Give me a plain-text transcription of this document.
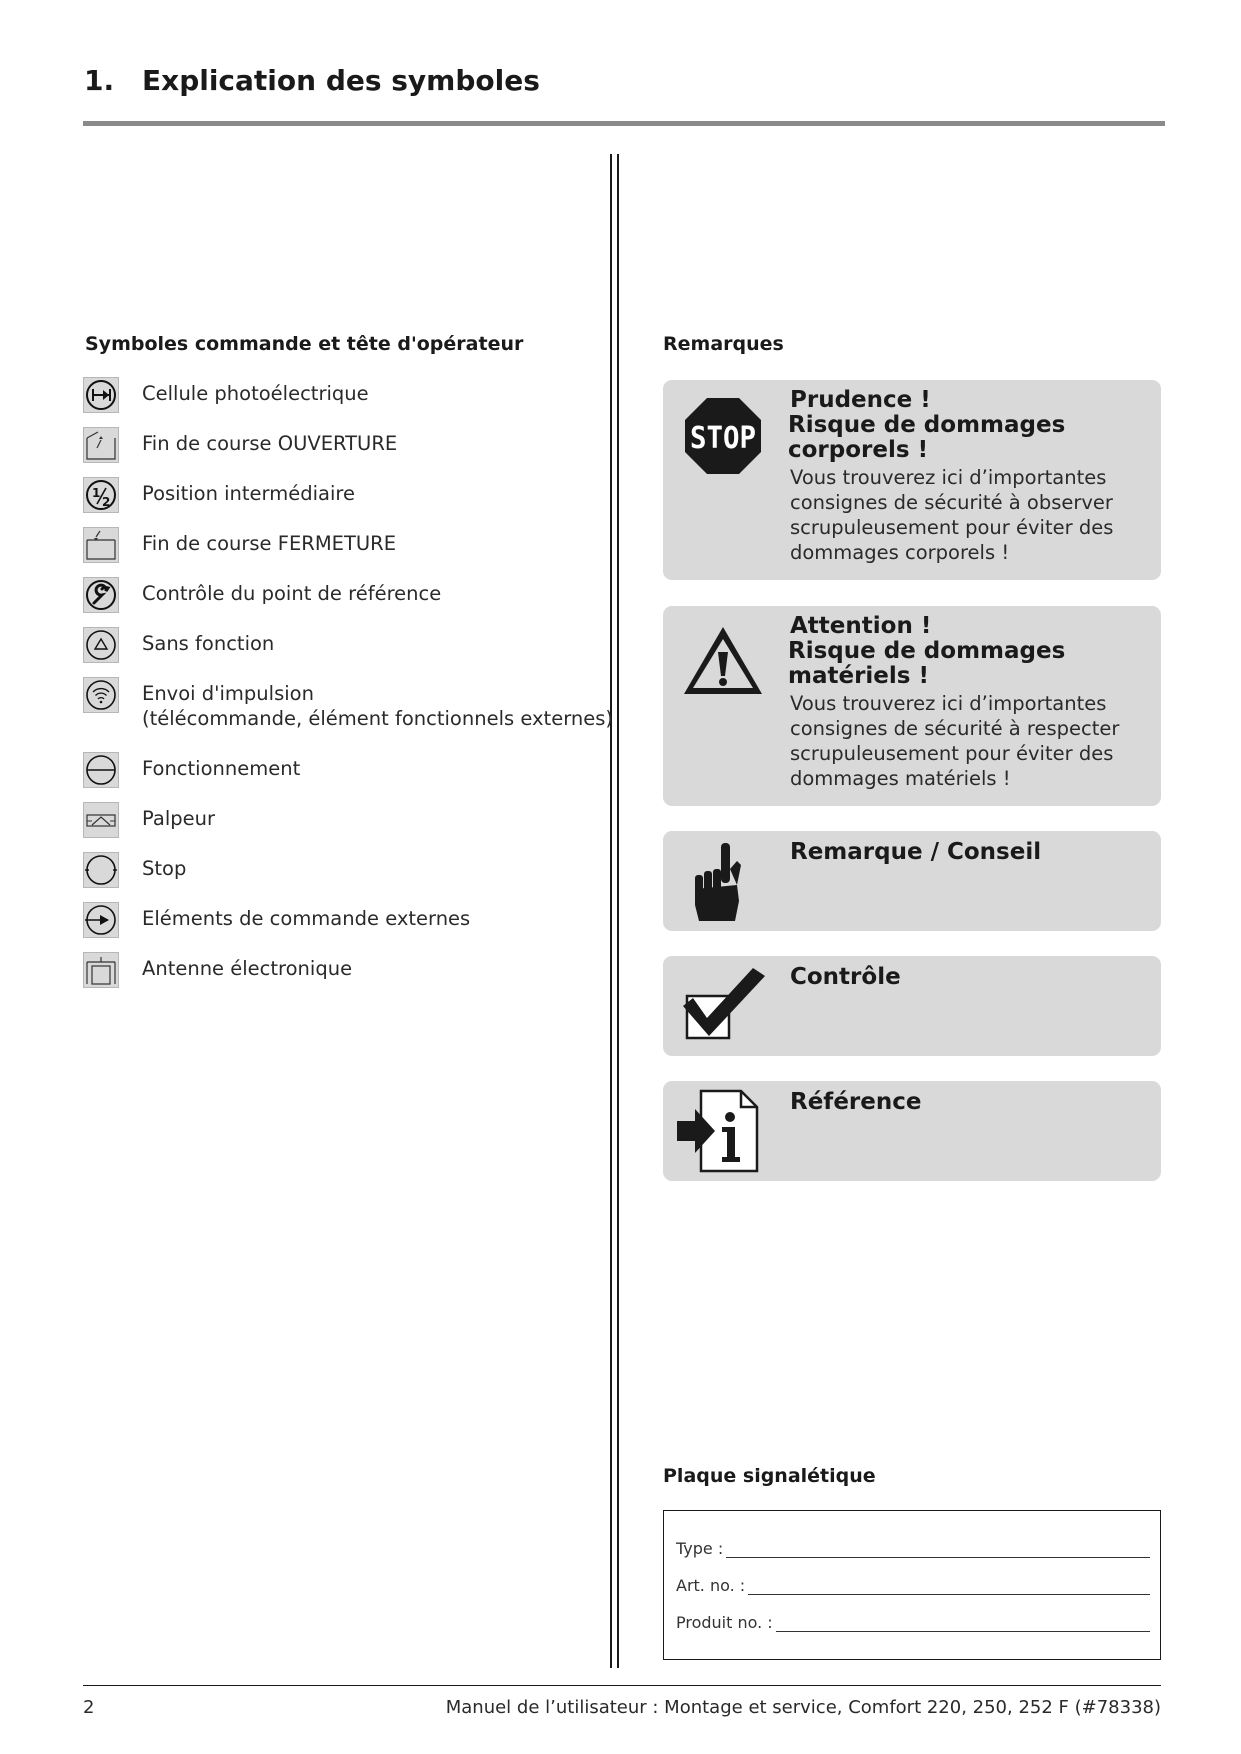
1. Explication des symboles
Symboles commande et tête d'opérateur
Cellule photoélectrique
Fin de course OUVERTURE
1
2 Position intermédiaire
Fin de course FERMETURE
Contrôle du point de référence
Sans fonction
Envoi d'impulsion
(télécommande, élément fonctionnels externes)
Fonctionnement
Palpeur
Stop
Eléments de commande externes
Antenne électronique
Remarques
STOP
Prudence !
Risque de dommages
corporels !
Vous trouverez ici d’importantes consignes de sécurité à observer scrupuleusement pour éviter des dommages corporels !
Attention !
Risque de dommages
matériels !
Vous trouverez ici d’importantes consignes de sécurité à respecter scrupuleusement pour éviter des dommages matériels !
Remarque / Conseil
Contrôle
Référence
Plaque signalétique
Type :
Art. no. :
Produit no. :
2	Manuel de l’utilisateur : Montage et service, Comfort 220, 250, 252 F (#78338)
